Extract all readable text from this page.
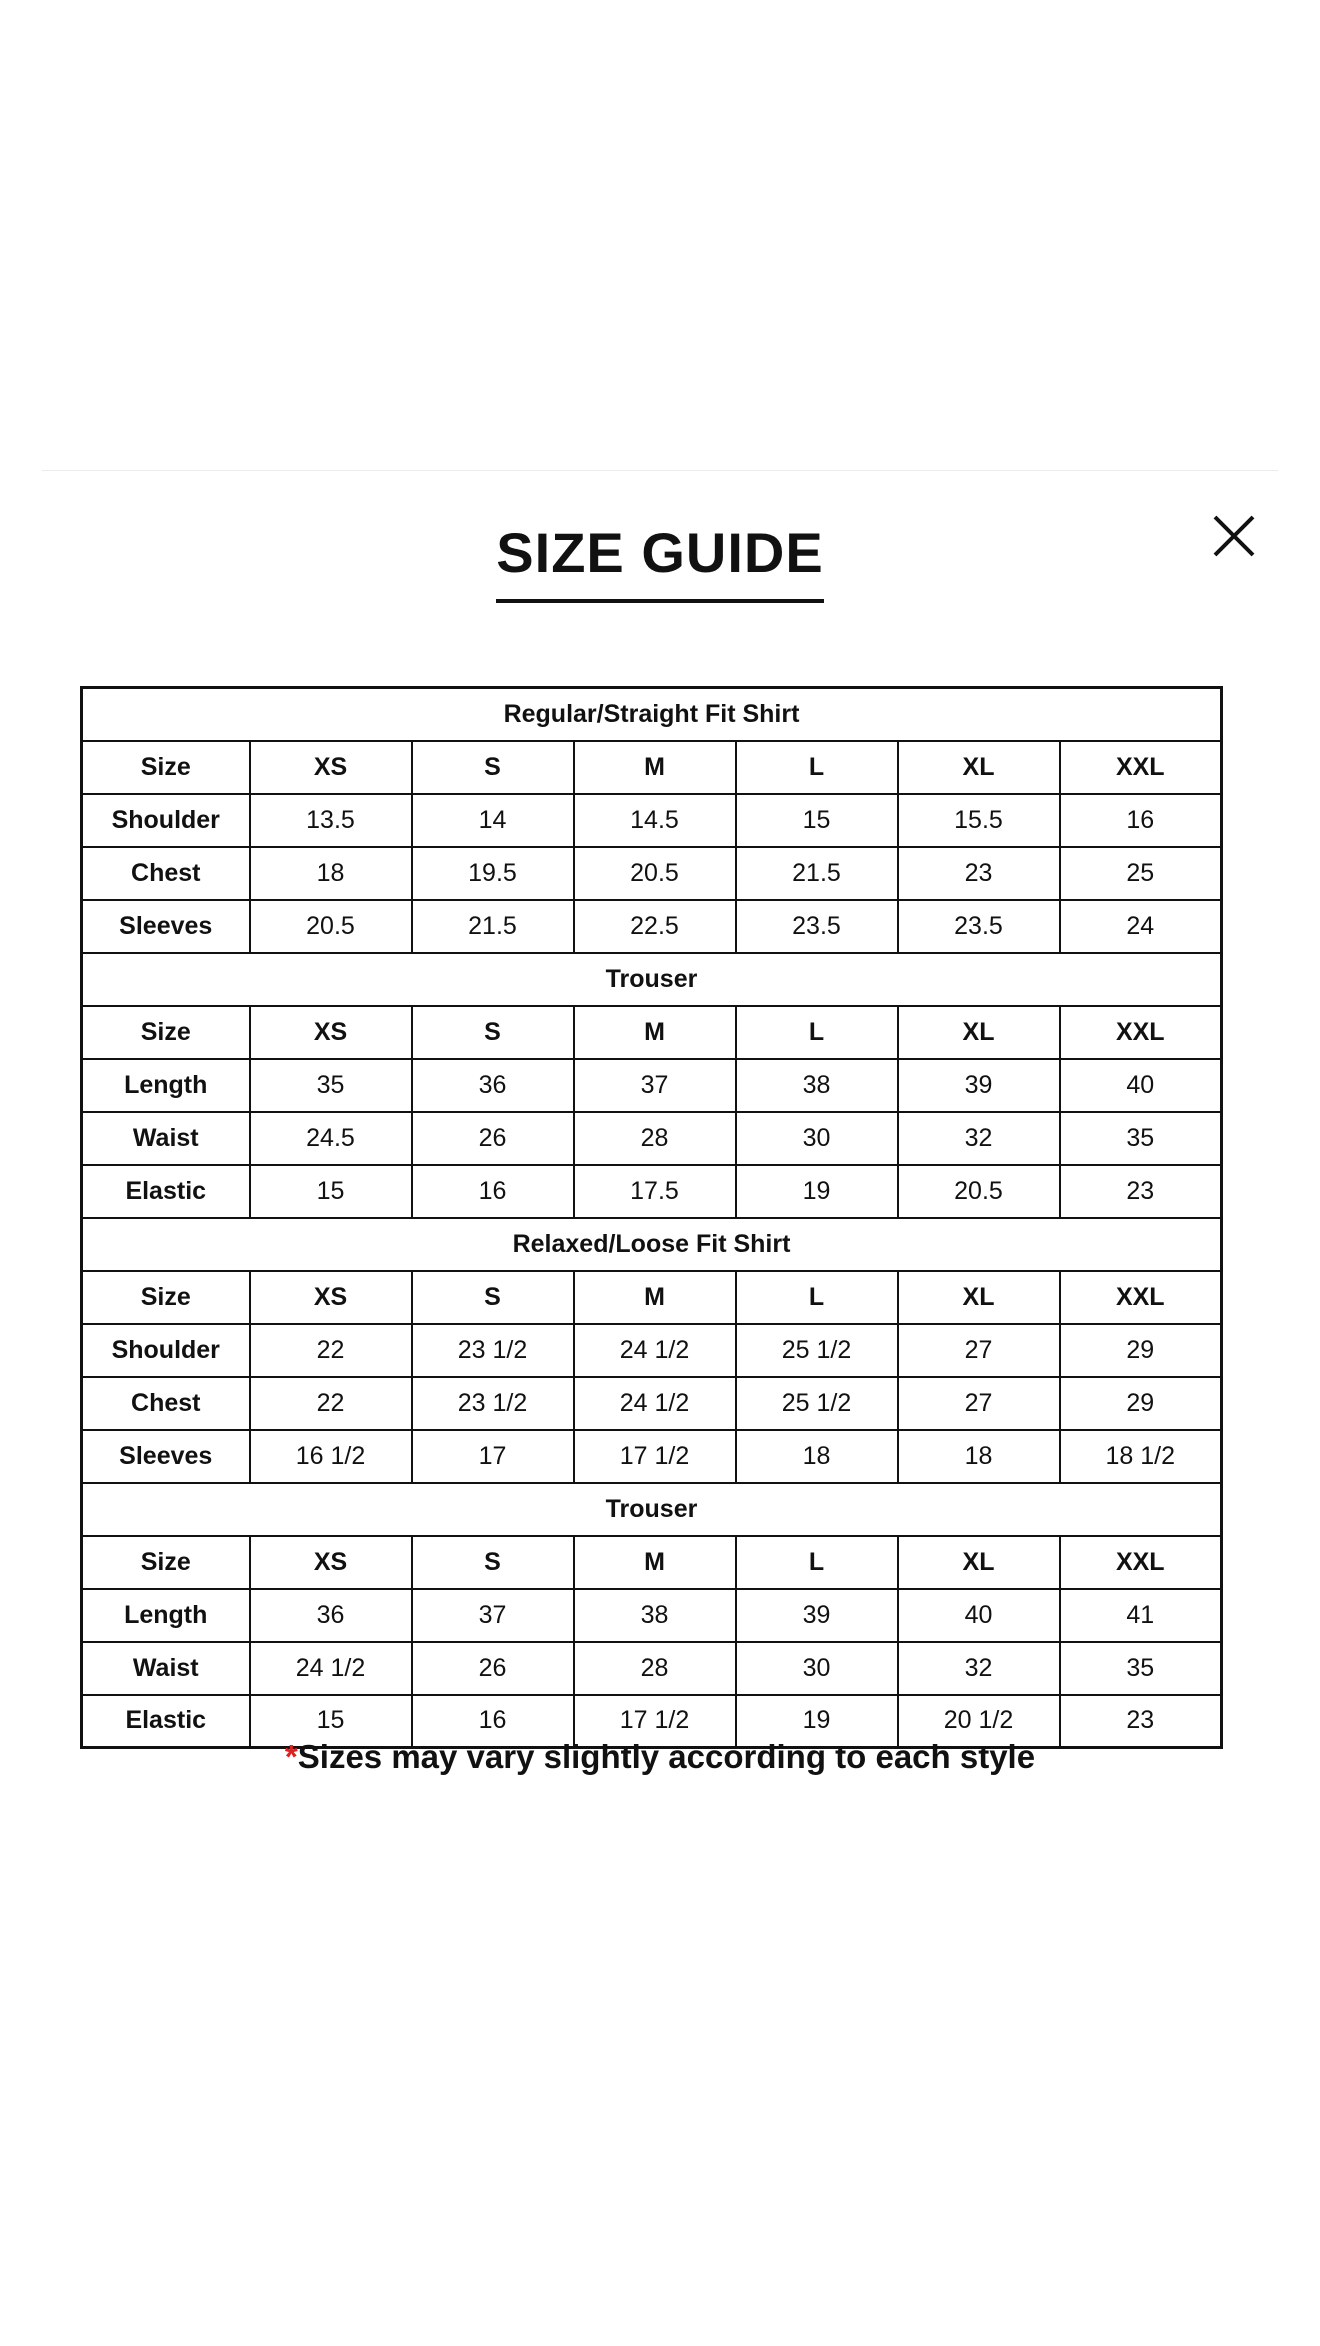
SIZE GUIDE
Regular/Straight Fit Shirt						
Size	XS	S	M	L	XL	XXL
Shoulder	13.5	14	14.5	15	15.5	16
Chest	18	19.5	20.5	21.5	23	25
Sleeves	20.5	21.5	22.5	23.5	23.5	24
Trouser						
Size	XS	S	M	L	XL	XXL
Length	35	36	37	38	39	40
Waist	24.5	26	28	30	32	35
Elastic	15	16	17.5	19	20.5	23
Relaxed/Loose Fit Shirt						
Size	XS	S	M	L	XL	XXL
Shoulder	22	23 1/2	24 1/2	25 1/2	27	29
Chest	22	23 1/2	24 1/2	25 1/2	27	29
Sleeves	16 1/2	17	17 1/2	18	18	18 1/2
Trouser						
Size	XS	S	M	L	XL	XXL
Length	36	37	38	39	40	41
Waist	24 1/2	26	28	30	32	35
Elastic	15	16	17 1/2	19	20 1/2	23
*Sizes may vary slightly according to each style
